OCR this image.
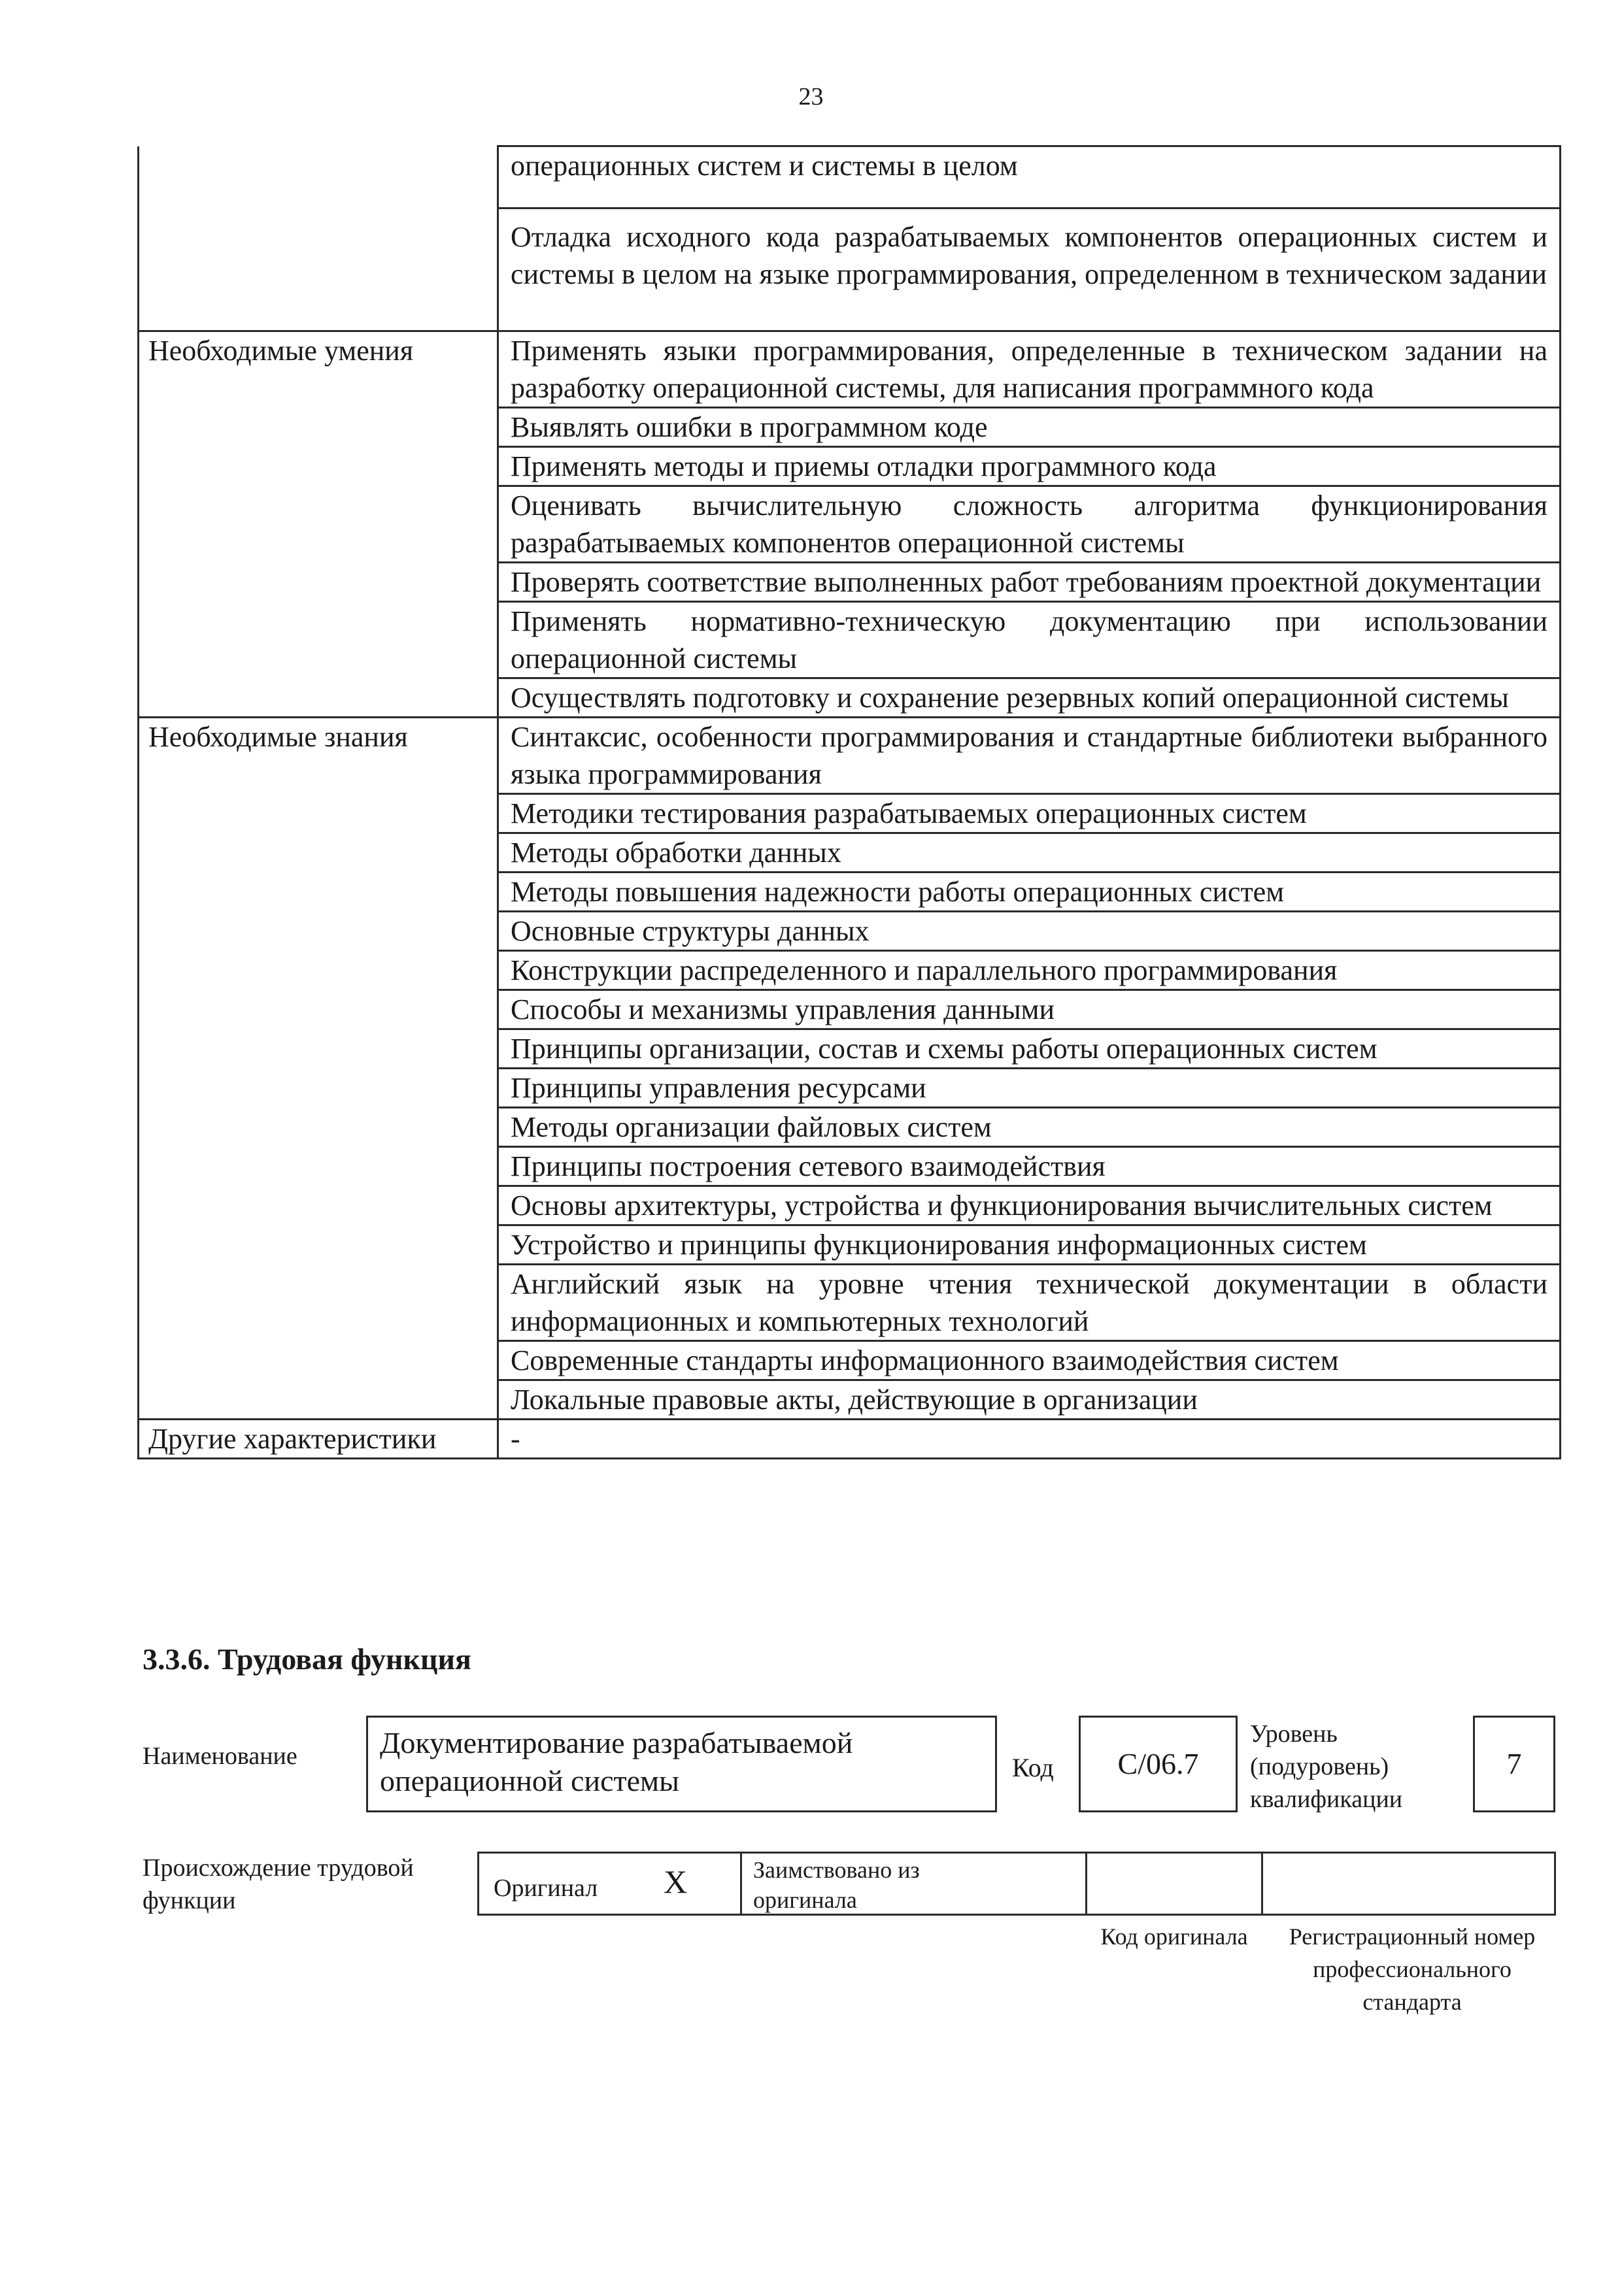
23
	операционных систем и системы в целом
	Отладка исходного кода разрабатываемых компонентов операционных систем и системы в целом на языке программирования, определенном в техническом задании
Необходимые умения	Применять языки программирования, определенные в техническом задании на разработку операционной системы, для написания программного кода
	Выявлять ошибки в программном коде
	Применять методы и приемы отладки программного кода
	Оценивать вычислительную сложность алгоритма функционирования разрабатываемых компонентов операционной системы
	Проверять соответствие выполненных работ требованиям проектной документации
	Применять нормативно-техническую документацию при использовании операционной системы
	Осуществлять подготовку и сохранение резервных копий операционной системы
Необходимые знания	Синтаксис, особенности программирования и стандартные библиотеки выбранного языка программирования
	Методики тестирования разрабатываемых операционных систем
	Методы обработки данных
	Методы повышения надежности работы операционных систем
	Основные структуры данных
	Конструкции распределенного и параллельного программирования
	Способы и механизмы управления данными
	Принципы организации, состав и схемы работы операционных систем
	Принципы управления ресурсами
	Методы организации файловых систем
	Принципы построения сетевого взаимодействия
	Основы архитектуры, устройства и функционирования вычислительных систем
	Устройство и принципы функционирования информационных систем
	Английский язык на уровне чтения технической документации в области информационных и компьютерных технологий
	Современные стандарты информационного взаимодействия систем
	Локальные правовые акты, действующие в организации
Другие характеристики	-
3.3.6. Трудовая функция
Наименование	Документирование разрабатываемой операционной системы	Код	С/06.7
Уровень (подуровень) квалификации
7
Происхождение трудовой функции	Оригинал X	Заимствовано из оригинала
Код оригинала	Регистрационный номер профессионального стандарта
